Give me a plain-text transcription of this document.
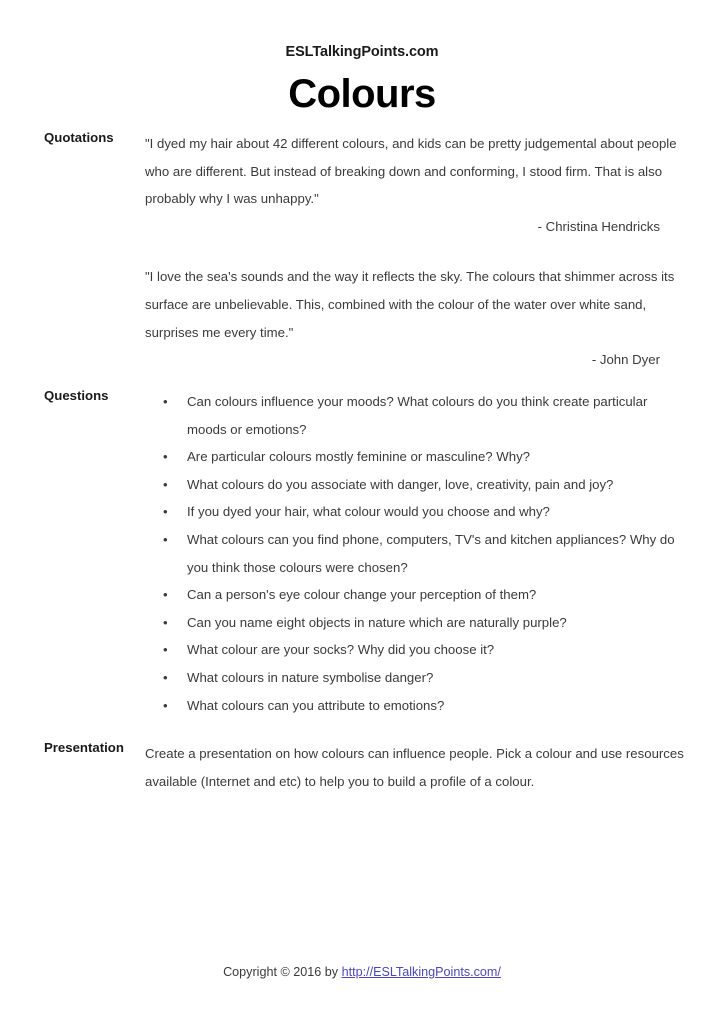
ESLTalkingPoints.com
Colours
Quotations "I dyed my hair about 42 different colours, and kids can be pretty judgemental about people who are different. But instead of breaking down and conforming, I stood firm. That is also probably why I was unhappy."
- Christina Hendricks
"I love the sea's sounds and the way it reflects the sky. The colours that shimmer across its surface are unbelievable. This, combined with the colour of the water over white sand, surprises me every time."
- John Dyer
Questions	• Can colours influence your moods? What colours do you think create particular moods or emotions?
• Are particular colours mostly feminine or masculine? Why?
• What colours do you associate with danger, love, creativity, pain and joy?
• If you dyed your hair, what colour would you choose and why?
• What colours can you find phone, computers, TV's and kitchen appliances? Why do you think those colours were chosen?
• Can a person's eye colour change your perception of them?
• Can you name eight objects in nature which are naturally purple?
• What colour are your socks? Why did you choose it?
• What colours in nature symbolise danger?
• What colours can you attribute to emotions?
Presentation Create a presentation on how colours can influence people. Pick a colour and use resources available (Internet and etc) to help you to build a profile of a colour.
Copyright © 2016 by http://ESLTalkingPoints.com/
